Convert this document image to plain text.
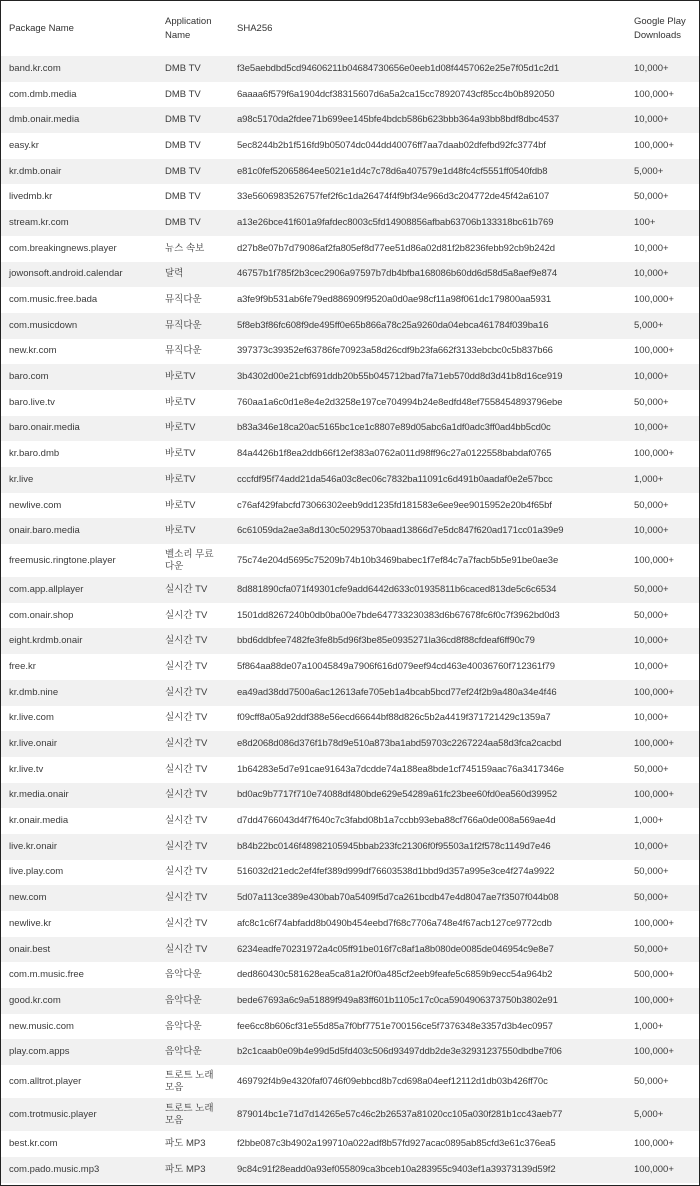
Package Name	Application Name	SHA256	Google Play Downloads
band.kr.com	DMB TV	f3e5aebdbd5cd94606211b04684730656e0eeb1d08f4457062e25e7f05d1c2d1	10,000+
com.dmb.media	DMB TV	6aaaa6f579f6a1904dcf38315607d6a5a2ca15cc78920743cf85cc4b0b892050	100,000+
dmb.onair.media	DMB TV	a98c5170da2fdee71b699ee145bfe4bdcb586b623bbb364a93bb8bdf8dbc4537	10,000+
easy.kr	DMB TV	5ec8244b2b1f516fd9b05074dc044dd40076ff7aa7daab02dfefbd92fc3774bf	100,000+
kr.dmb.onair	DMB TV	e81c0fef52065864ee5021e1d4c7c78d6a407579e1d48fc4cf5551ff0540fdb8	5,000+
livedmb.kr	DMB TV	33e5606983526757fef2f6c1da26474f4f9bf34e966d3c204772de45f42a6107	50,000+
stream.kr.com	DMB TV	a13e26bce41f601a9fafdec8003c5fd14908856afbab63706b133318bc61b769	100+
com.breakingnews.player	뉴스 속보	d27b8e07b7d79086af2fa805ef8d77ee51d86a02d81f2b8236febb92cb9b242d	10,000+
jowonsoft.android.calendar	달력	46757b1f785f2b3cec2906a97597b7db4bfba168086b60dd6d58d5a8aef9e874	10,000+
com.music.free.bada	뮤직다운	a3fe9f9b531ab6fe79ed886909f9520a0d0ae98cf11a98f061dc179800aa5931	100,000+
com.musicdown	뮤직다운	5f8eb3f86fc608f9de495ff0e65b866a78c25a9260da04ebca461784f039ba16	5,000+
new.kr.com	뮤직다운	397373c39352ef63786fe70923a58d26cdf9b23fa662f3133ebcbc0c5b837b66	100,000+
baro.com	바로TV	3b4302d00e21cbf691ddb20b55b045712bad7fa71eb570dd8d3d41b8d16ce919	10,000+
baro.live.tv	바로TV	760aa1a6c0d1e8e4e2d3258e197ce704994b24e8edfd48ef7558454893796ebe	50,000+
baro.onair.media	바로TV	b83a346e18ca20ac5165bc1ce1c8807e89d05abc6a1df0adc3ff0ad4bb5cd0c	10,000+
kr.baro.dmb	바로TV	84a4426b1f8ea2ddb66f12ef383a0762a011d98ff96c27a0122558babdaf0765	100,000+
kr.live	바로TV	cccfdf95f74add21da546a03c8ec06c7832ba11091c6d491b0aadaf0e2e57bcc	1,000+
newlive.com	바로TV	c76af429fabcfd73066302eeb9dd1235fd181583e6ee9ee9015952e20b4f65bf	50,000+
onair.baro.media	바로TV	6c61059da2ae3a8d130c50295370baad13866d7e5dc847f620ad171cc01a39e9	10,000+
freemusic.ringtone.player	벨소리 무료 다운	75c74e204d5695c75209b74b10b3469babec1f7ef84c7a7facb5b5e91be0ae3e	100,000+
com.app.allplayer	실시간 TV	8d881890cfa071f49301cfe9add6442d633c01935811b6caced813de5c6c6534	50,000+
com.onair.shop	실시간 TV	1501dd8267240b0db0ba00e7bde647733230383d6b67678fc6f0c7f3962bd0d3	50,000+
eight.krdmb.onair	실시간 TV	bbd6ddbfee7482fe3fe8b5d96f3be85e0935271la36cd8f88cfdeaf6ff90c79	10,000+
free.kr	실시간 TV	5f864aa88de07a10045849a7906f616d079eef94cd463e40036760f712361f79	10,000+
kr.dmb.nine	실시간 TV	ea49ad38dd7500a6ac12613afe705eb1a4bcab5bcd77ef24f2b9a480a34e4f46	100,000+
kr.live.com	실시간 TV	f09cff8a05a92ddf388e56ecd66644bf88d826c5b2a4419f371721429c1359a7	10,000+
kr.live.onair	실시간 TV	e8d2068d086d376f1b78d9e510a873ba1abd59703c2267224aa58d3fca2cacbd	100,000+
kr.live.tv	실시간 TV	1b64283e5d7e91cae91643a7dcdde74a188ea8bde1cf745159aac76a3417346e	50,000+
kr.media.onair	실시간 TV	bd0ac9b7717f710e74088df480bde629e54289a61fc23bee60fd0ea560d39952	100,000+
kr.onair.media	실시간 TV	d7dd4766043d4f7f640c7c3fabd08b1a7ccbb93eba88cf766a0de008a569ae4d	1,000+
live.kr.onair	실시간 TV	b84b22bc0146f48982105945bbab233fc21306f0f95503a1f2f578c1149d7e46	10,000+
live.play.com	실시간 TV	516032d21edc2ef4fef389d999df76603538d1bbd9d357a995e3ce4f274a9922	50,000+
new.com	실시간 TV	5d07a113ce389e430bab70a5409f5d7ca261bcdb47e4d8047ae7f3507f044b08	50,000+
newlive.kr	실시간 TV	afc8c1c6f74abfadd8b0490b454eebd7f68c7706a748e4f67acb127ce9772cdb	100,000+
onair.best	실시간 TV	6234eadfe70231972a4c05ff91be016f7c8af1a8b080de0085de046954c9e8e7	50,000+
com.m.music.free	음악다운	ded860430c581628ea5ca81a2f0f0a485cf2eeb9feafe5c6859b9ecc54a964b2	500,000+
good.kr.com	음악다운	bede67693a6c9a51889f949a83ff601b1105c17c0ca5904906373750b3802e91	100,000+
new.music.com	음악다운	fee6cc8b606cf31e55d85a7f0bf7751e700156ce5f7376348e3357d3b4ec0957	1,000+
play.com.apps	음악다운	b2c1caab0e09b4e99d5d5fd403c506d93497ddb2de3e32931237550dbdbe7f06	100,000+
com.alltrot.player	트로트 노래 모음	469792f4b9e4320faf0746f09ebbcd8b7cd698a04eef12112d1db03b426ff70c	50,000+
com.trotmusic.player	트로트 노래 모음	879014bc1e71d7d14265e57c46c2b26537a81020cc105a030f281b1cc43aeb77	5,000+
best.kr.com	파도 MP3	f2bbe087c3b4902a199710a022adf8b57fd927acac0895ab85cfd3e61c376ea5	100,000+
com.pado.music.mp3	파도 MP3	9c84c91f28eadd0a93ef055809ca3bceb10a283955c9403ef1a39373139d59f2	100,000+
